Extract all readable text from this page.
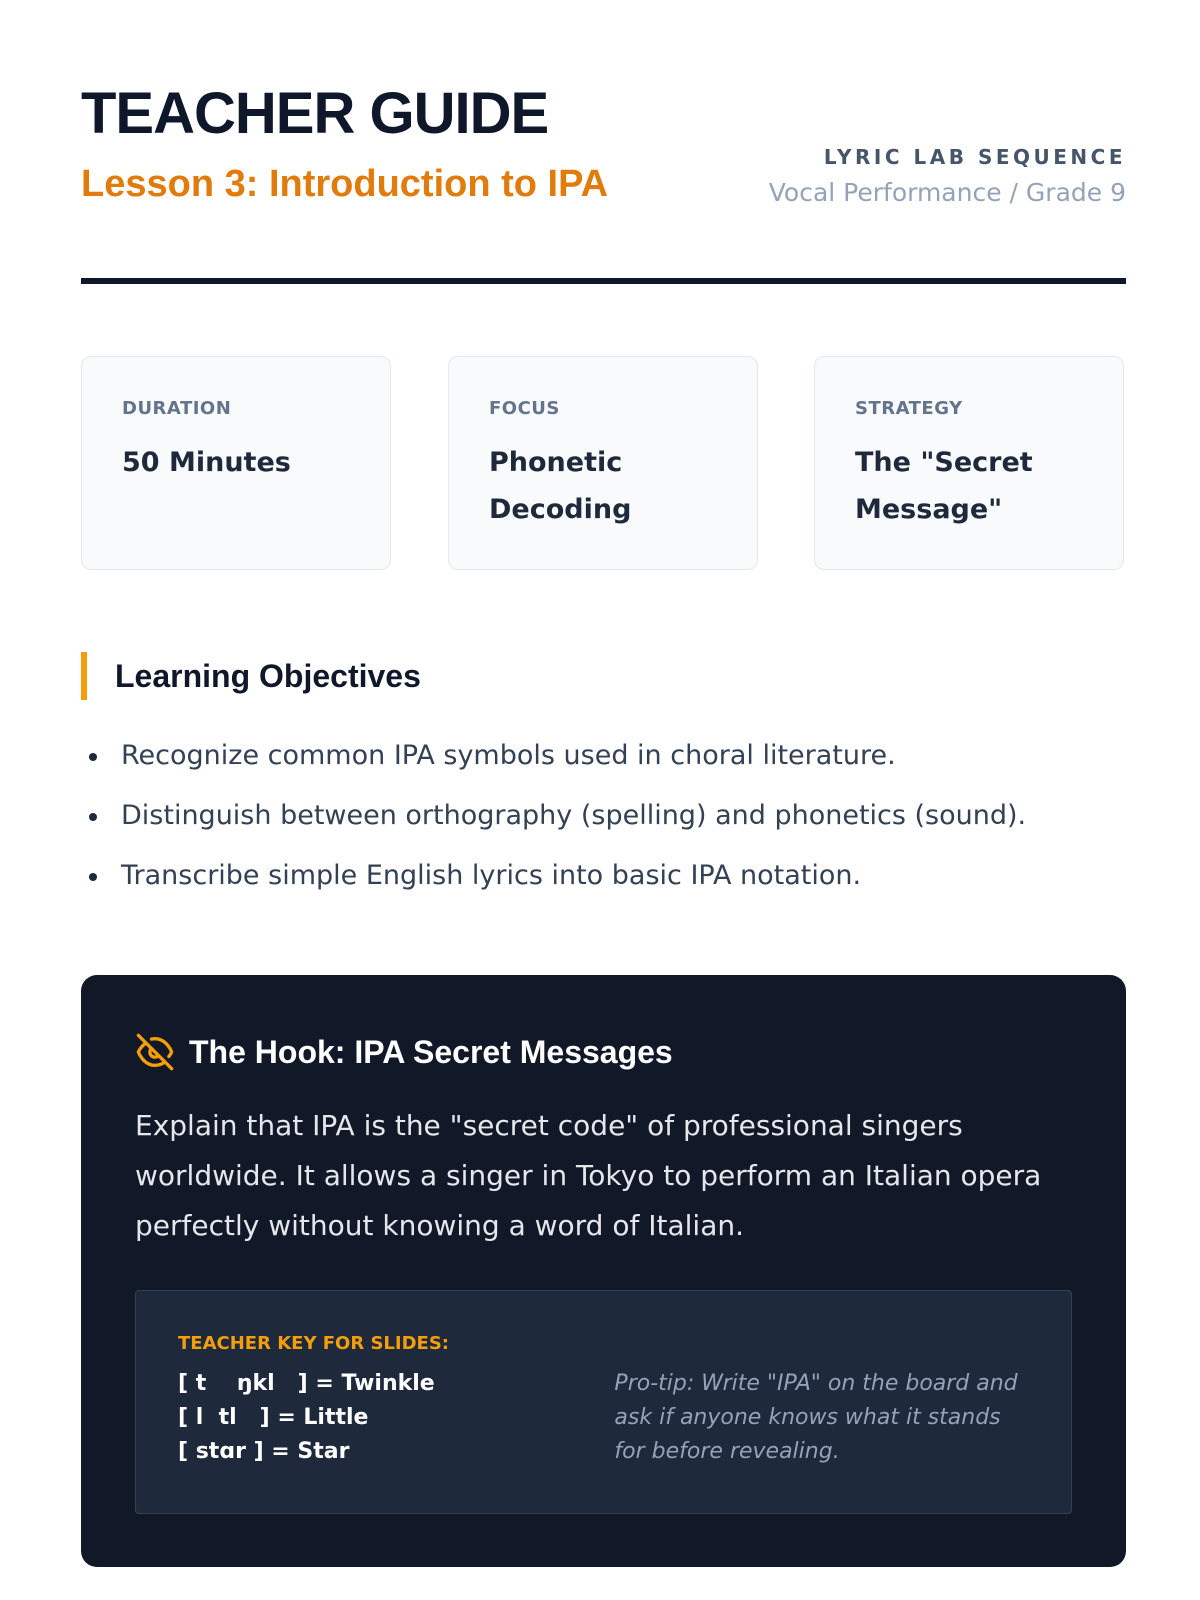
TEACHER GUIDE
Lesson 3: Introduction to IPA
LYRIC LAB SEQUENCE
Vocal Performance / Grade 9
DURATION
50 Minutes
FOCUS
Phonetic Decoding
STRATEGY
The "Secret Message"
Learning Objectives
Recognize common IPA symbols used in choral literature.
Distinguish between orthography (spelling) and phonetics (sound).
Transcribe simple English lyrics into basic IPA notation.
The Hook: IPA Secret Messages
Explain that IPA is the "secret code" of professional singers worldwide. It allows a singer in Tokyo to perform an Italian opera perfectly without knowing a word of Italian.
TEACHER KEY FOR SLIDES:
[ t    ŋkl   ] = Twinkle
[ l  tl   ] = Little
[ stɑr ] = Star
Pro-tip: Write "IPA" on the board and ask if anyone knows what it stands for before revealing.
